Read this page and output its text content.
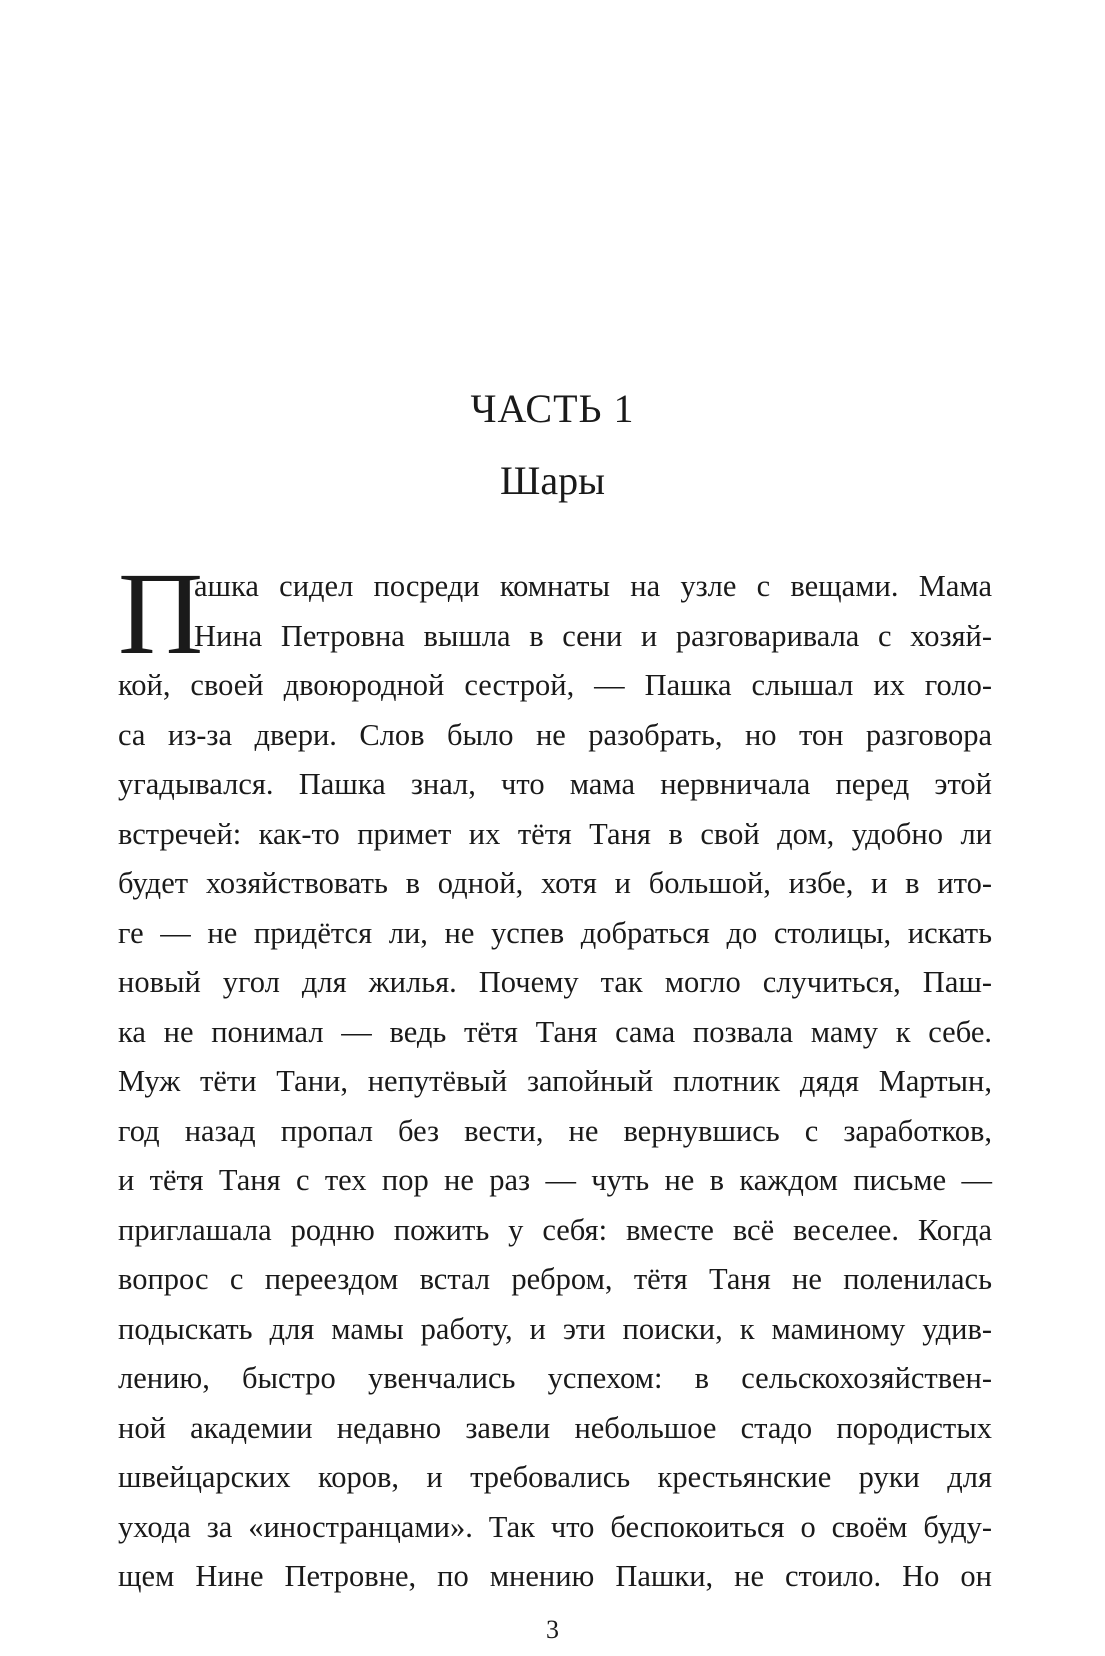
ЧАСТЬ 1
Шары
П
ашка сидел посреди комнаты на узле с вещами. Мама
Нина Петровна вышла в сени и разговаривала с хозяй-
кой, своей двоюродной сестрой, — Пашка слышал их голо-
са из-за двери. Слов было не разобрать, но тон разговора
угадывался. Пашка знал, что мама нервничала перед этой
встречей: как-то примет их тётя Таня в свой дом, удобно ли
будет хозяйствовать в одной, хотя и большой, избе, и в ито-
ге — не придётся ли, не успев добраться до столицы, искать
новый угол для жилья. Почему так могло случиться, Паш-
ка не понимал — ведь тётя Таня сама позвала маму к себе.
Муж тёти Тани, непутёвый запойный плотник дядя Мартын,
год назад пропал без вести, не вернувшись с заработков,
и тётя Таня с тех пор не раз — чуть не в каждом письме —
приглашала родню пожить у себя: вместе всё веселее. Когда
вопрос с переездом встал ребром, тётя Таня не поленилась
подыскать для мамы работу, и эти поиски, к маминому удив-
лению, быстро увенчались успехом: в сельскохозяйствен-
ной академии недавно завели небольшое стадо породистых
швейцарских коров, и требовались крестьянские руки для
ухода за «иностранцами». Так что беспокоиться о своём буду-
щем Нине Петровне, по мнению Пашки, не стоило. Но он
3
